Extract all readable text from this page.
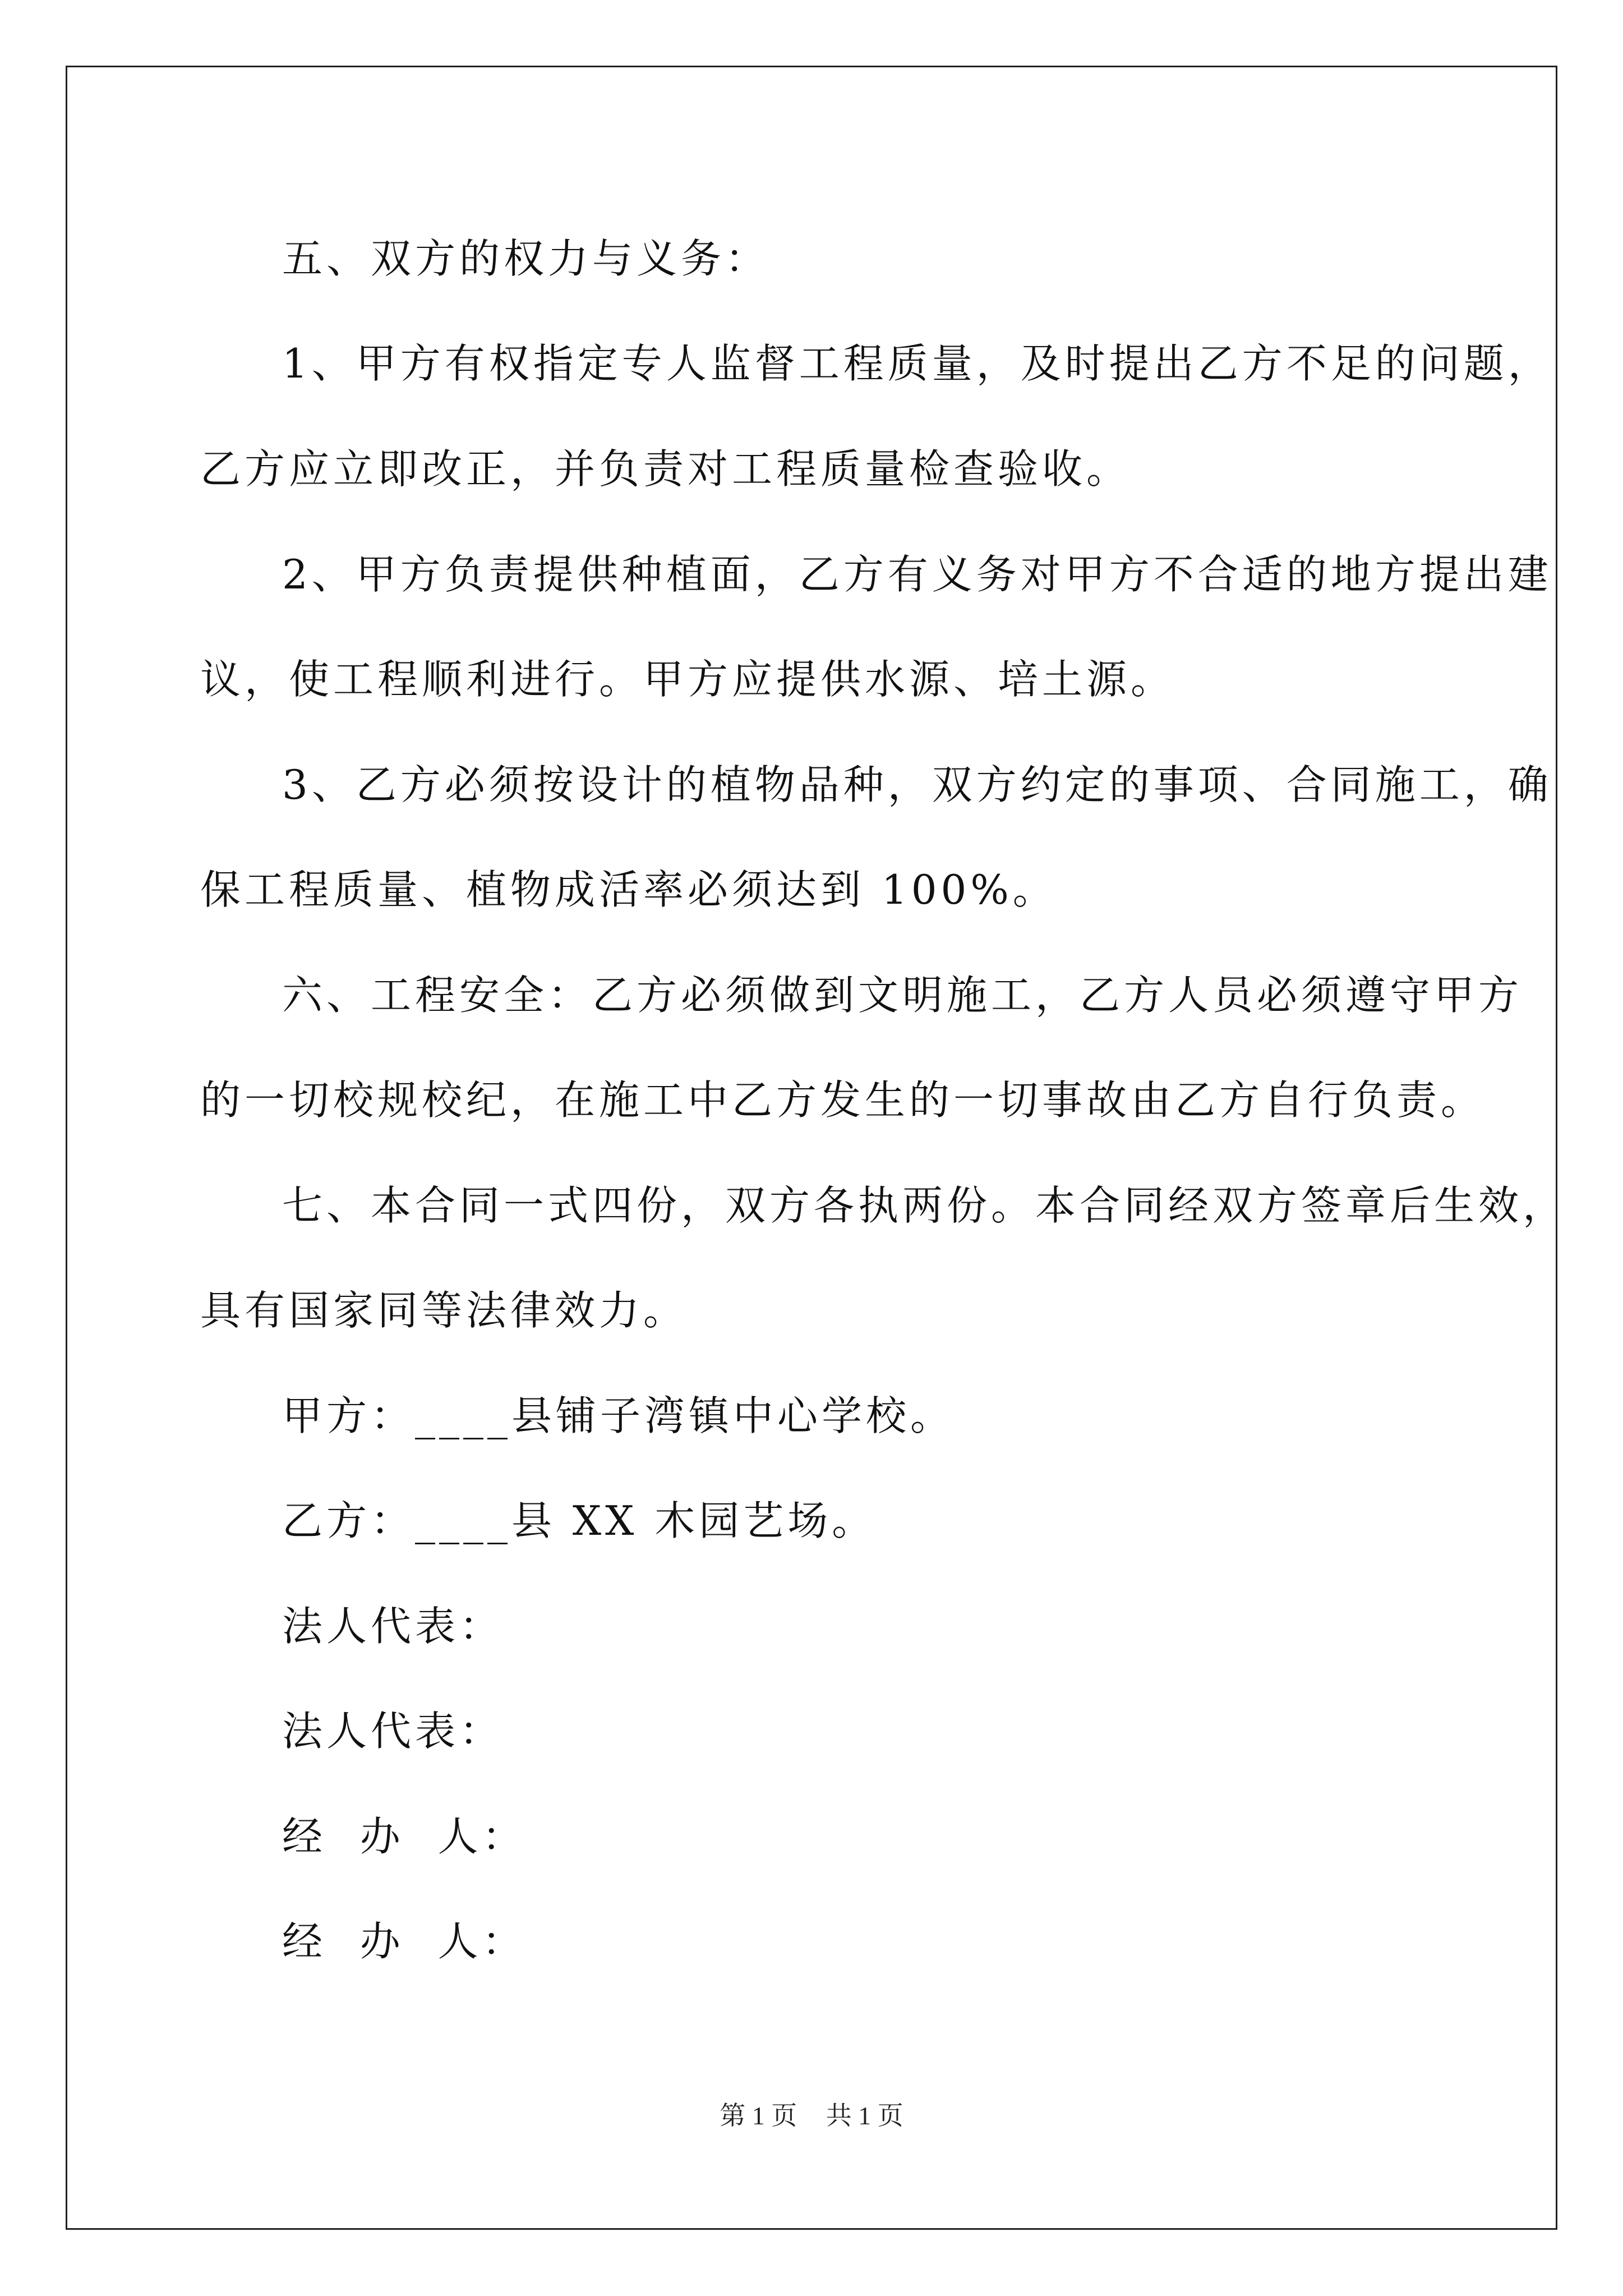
五、双方的权力与义务：
1、甲方有权指定专人监督工程质量，及时提出乙方不足的问题，
乙方应立即改正，并负责对工程质量检查验收。
2、甲方负责提供种植面，乙方有义务对甲方不合适的地方提出建
议，使工程顺利进行。甲方应提供水源、培土源。
3、乙方必须按设计的植物品种，双方约定的事项、合同施工，确
保工程质量、植物成活率必须达到 100%。
六、工程安全：乙方必须做到文明施工，乙方人员必须遵守甲方
的一切校规校纪，在施工中乙方发生的一切事故由乙方自行负责。
七、本合同一式四份，双方各执两份。本合同经双方签章后生效，
具有国家同等法律效力。
甲方：____县铺子湾镇中心学校。
乙方：____县 XX 木园艺场。
法人代表：
法人代表：
经  办  人：
经  办  人：
第 1 页 共 1 页
